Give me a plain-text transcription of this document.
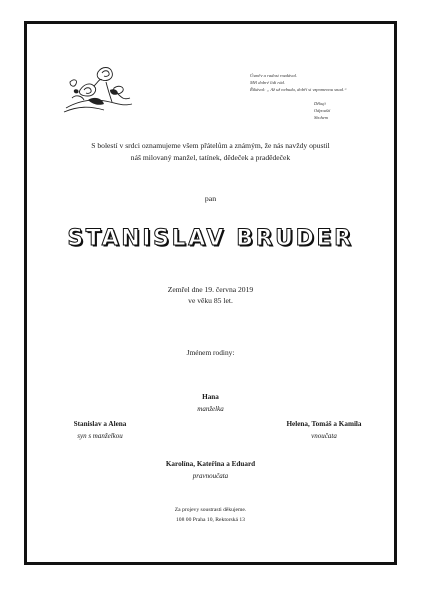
Úsměv a radost rozdával.
Měl dobré lidi rád.
Říkával: „ Až už nebudu, dobří si vzpomenou snad.“
Děkuji
Odpouští
Sbohem
S bolestí v srdci oznamujeme všem přátelům a známým, že nás navždy opustil
náš milovaný manžel, tatínek, dědeček a pradědeček
pan
STANISLAV BRUDER
Zemřel dne 19. června 2019
ve věku 85 let.
Jménem rodiny:
Hana
manželka
Stanislav a Alena
syn s manželkou
Helena, Tomáš a Kamila
vnoučata
Karolína, Kateřina a Eduard
pravnoučata
Za projevy soustrasti děkujeme.
108 00 Praha 10, Rektorská 13
